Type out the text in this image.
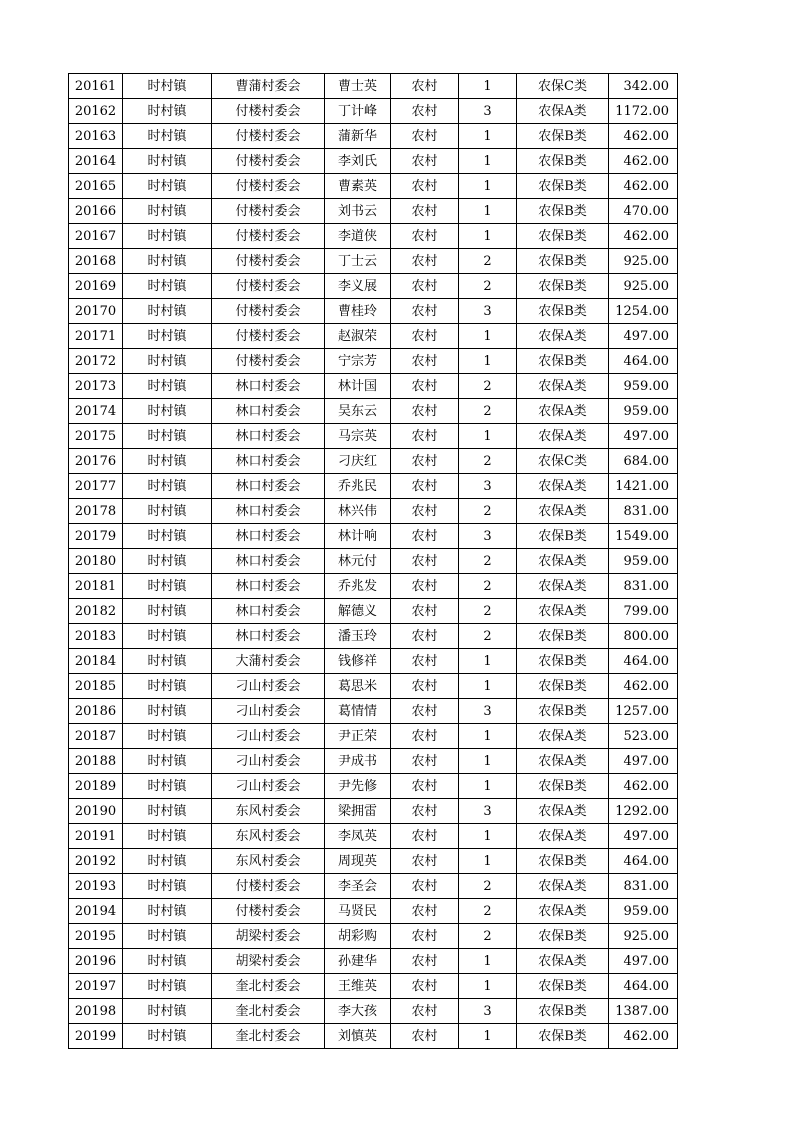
20161	时村镇	曹蒲村委会	曹士英	农村	1	农保C类	342.00
20162	时村镇	付楼村委会	丁计峰	农村	3	农保A类	1172.00
20163	时村镇	付楼村委会	蒲新华	农村	1	农保B类	462.00
20164	时村镇	付楼村委会	李刘氏	农村	1	农保B类	462.00
20165	时村镇	付楼村委会	曹素英	农村	1	农保B类	462.00
20166	时村镇	付楼村委会	刘书云	农村	1	农保B类	470.00
20167	时村镇	付楼村委会	李道侠	农村	1	农保B类	462.00
20168	时村镇	付楼村委会	丁士云	农村	2	农保B类	925.00
20169	时村镇	付楼村委会	李义展	农村	2	农保B类	925.00
20170	时村镇	付楼村委会	曹桂玲	农村	3	农保B类	1254.00
20171	时村镇	付楼村委会	赵淑荣	农村	1	农保A类	497.00
20172	时村镇	付楼村委会	宁宗芳	农村	1	农保B类	464.00
20173	时村镇	林口村委会	林计国	农村	2	农保A类	959.00
20174	时村镇	林口村委会	吴东云	农村	2	农保A类	959.00
20175	时村镇	林口村委会	马宗英	农村	1	农保A类	497.00
20176	时村镇	林口村委会	刁庆红	农村	2	农保C类	684.00
20177	时村镇	林口村委会	乔兆民	农村	3	农保A类	1421.00
20178	时村镇	林口村委会	林兴伟	农村	2	农保A类	831.00
20179	时村镇	林口村委会	林计响	农村	3	农保B类	1549.00
20180	时村镇	林口村委会	林元付	农村	2	农保A类	959.00
20181	时村镇	林口村委会	乔兆发	农村	2	农保A类	831.00
20182	时村镇	林口村委会	解德义	农村	2	农保A类	799.00
20183	时村镇	林口村委会	潘玉玲	农村	2	农保B类	800.00
20184	时村镇	大蒲村委会	钱修祥	农村	1	农保B类	464.00
20185	时村镇	刁山村委会	葛思米	农村	1	农保B类	462.00
20186	时村镇	刁山村委会	葛情情	农村	3	农保B类	1257.00
20187	时村镇	刁山村委会	尹正荣	农村	1	农保A类	523.00
20188	时村镇	刁山村委会	尹成书	农村	1	农保A类	497.00
20189	时村镇	刁山村委会	尹先修	农村	1	农保B类	462.00
20190	时村镇	东风村委会	梁拥雷	农村	3	农保A类	1292.00
20191	时村镇	东风村委会	李凤英	农村	1	农保A类	497.00
20192	时村镇	东风村委会	周现英	农村	1	农保B类	464.00
20193	时村镇	付楼村委会	李圣会	农村	2	农保A类	831.00
20194	时村镇	付楼村委会	马贤民	农村	2	农保A类	959.00
20195	时村镇	胡梁村委会	胡彩购	农村	2	农保B类	925.00
20196	时村镇	胡梁村委会	孙建华	农村	1	农保A类	497.00
20197	时村镇	奎北村委会	王维英	农村	1	农保B类	464.00
20198	时村镇	奎北村委会	李大孩	农村	3	农保B类	1387.00
20199	时村镇	奎北村委会	刘慎英	农村	1	农保B类	462.00
